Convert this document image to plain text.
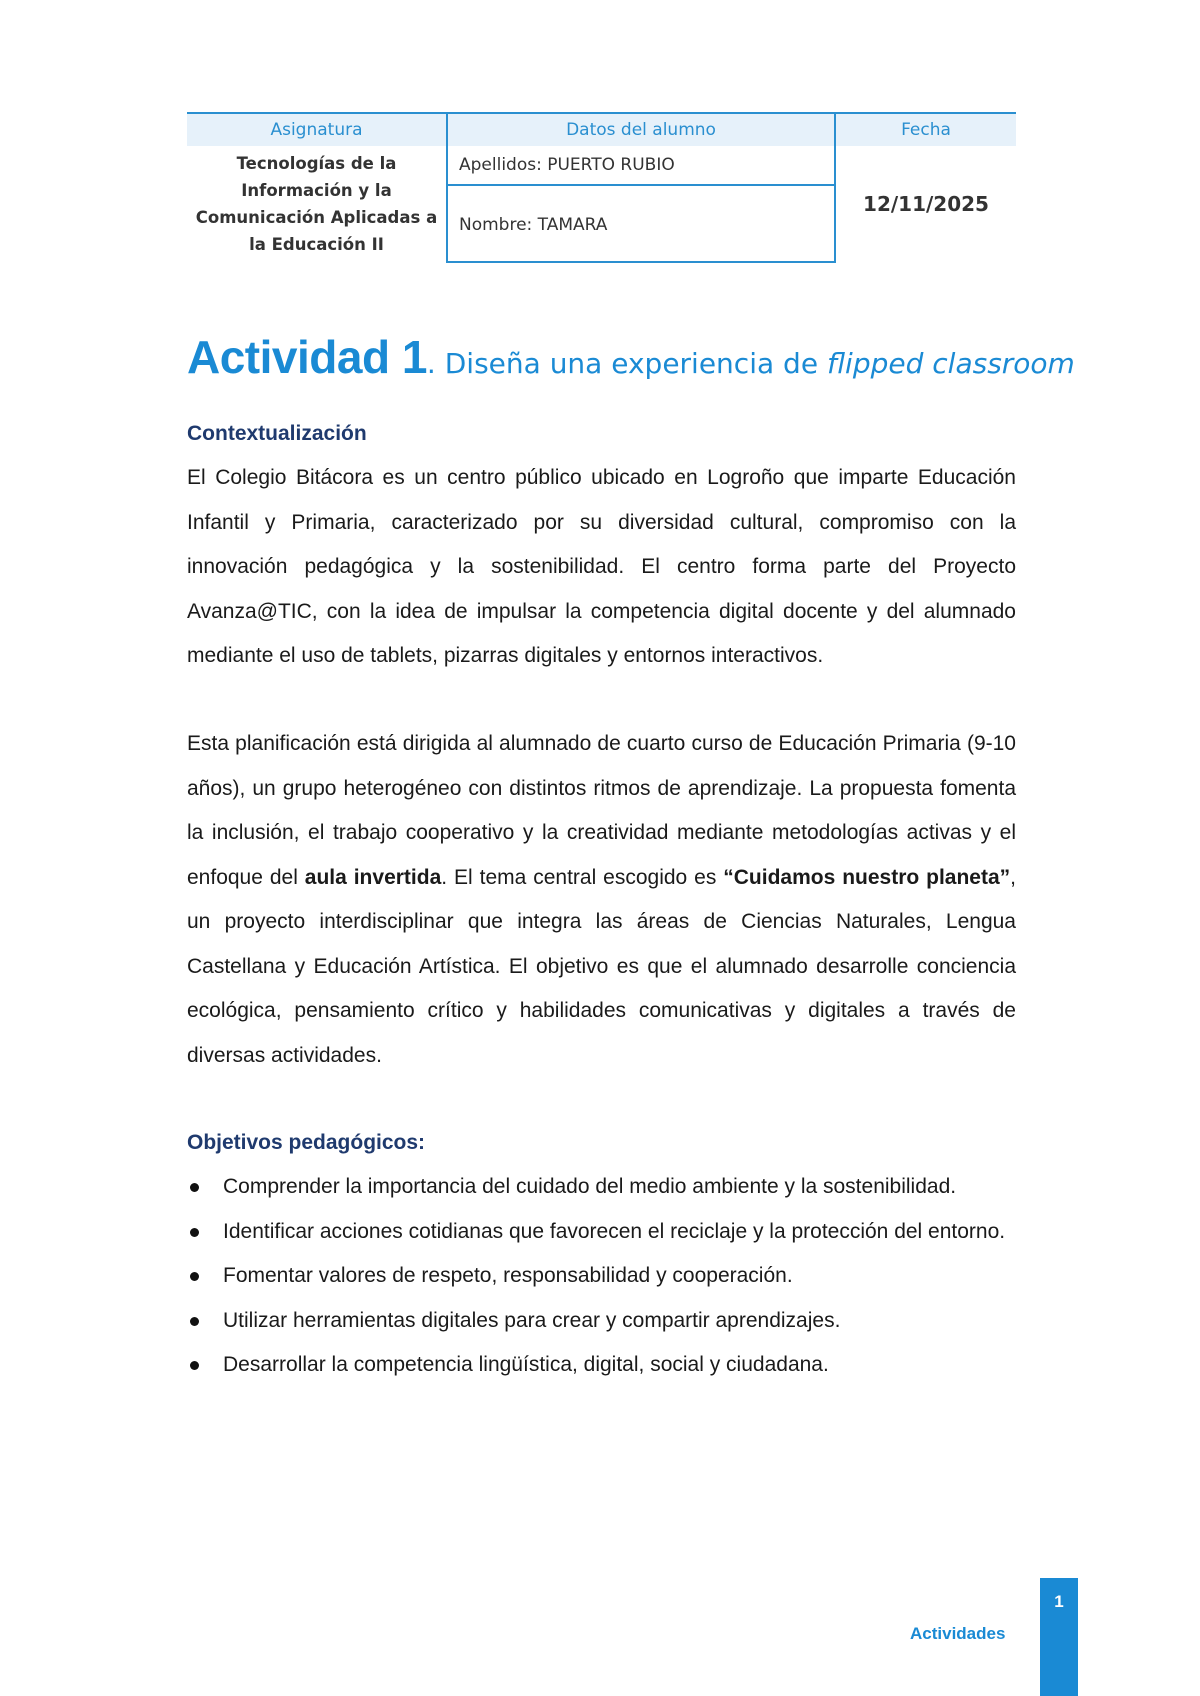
Asignatura	Datos del alumno	Fecha
Tecnologías de la Información y la Comunicación Aplicadas a la Educación II	Apellidos: PUERTO RUBIO	12/11/2025
	Nombre: TAMARA	
Actividad 1. Diseña una experiencia de flipped classroom
Contextualización

El Colegio Bitácora es un centro público ubicado en Logroño que imparte Educación Infantil y Primaria, caracterizado por su diversidad cultural, compromiso con la innovación pedagógica y la sostenibilidad. El centro forma parte del Proyecto Avanza@TIC, con la idea de impulsar la competencia digital docente y del alumnado mediante el uso de tablets, pizarras digitales y entornos interactivos.

Esta planificación está dirigida al alumnado de cuarto curso de Educación Primaria (9-10 años), un grupo heterogéneo con distintos ritmos de aprendizaje. La propuesta fomenta la inclusión, el trabajo cooperativo y la creatividad mediante metodologías activas y el enfoque del aula invertida. El tema central escogido es “Cuidamos nuestro planeta”, un proyecto interdisciplinar que integra las áreas de Ciencias Naturales, Lengua Castellana y Educación Artística. El objetivo es que el alumnado desarrolle conciencia ecológica, pensamiento crítico y habilidades comunicativas y digitales a través de diversas actividades.

Objetivos pedagógicos:
Comprender la importancia del cuidado del medio ambiente y la sostenibilidad.
Identificar acciones cotidianas que favorecen el reciclaje y la protección del entorno.
Fomentar valores de respeto, responsabilidad y cooperación.
Utilizar herramientas digitales para crear y compartir aprendizajes.
Desarrollar la competencia lingüística, digital, social y ciudadana.
Actividades
1
